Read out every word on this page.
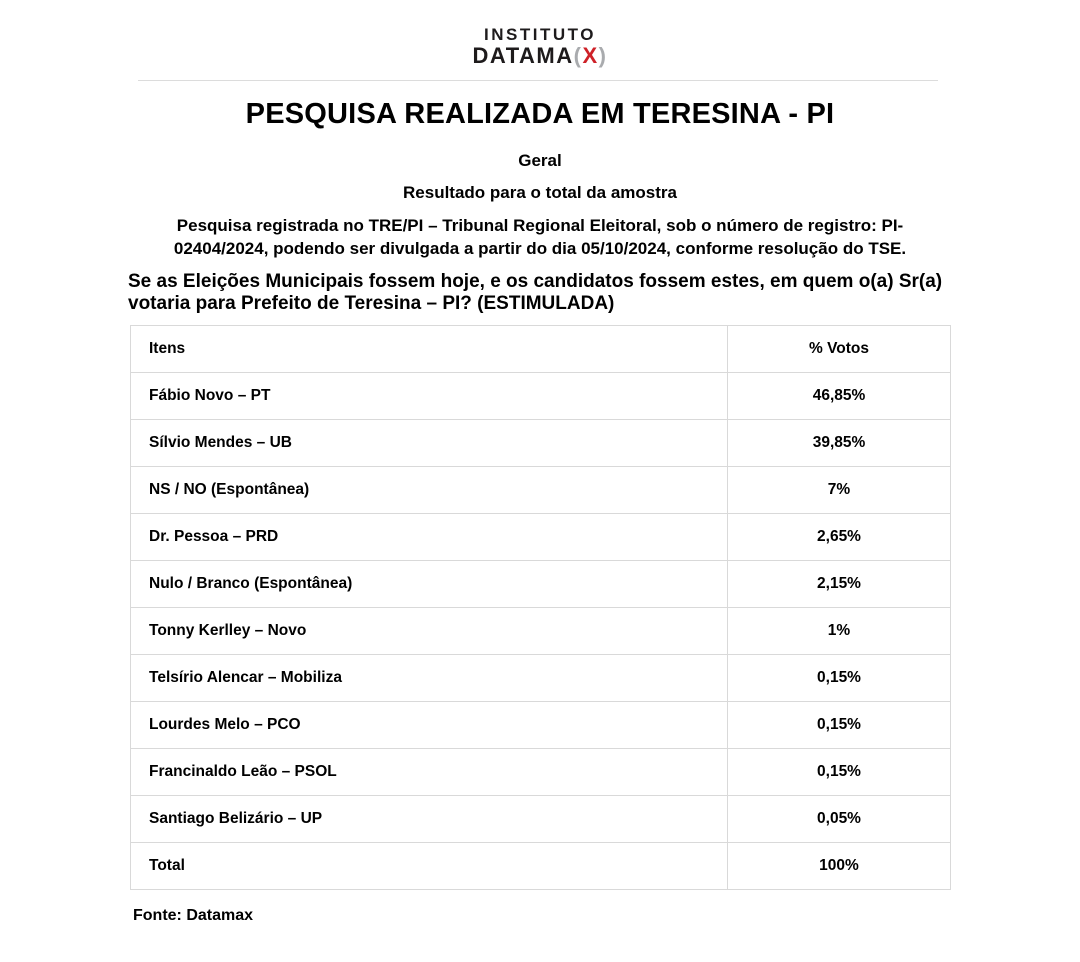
INSTITUTO
DATAMA(X)
PESQUISA REALIZADA EM TERESINA - PI
Geral
Resultado para o total da amostra
Pesquisa registrada no TRE/PI – Tribunal Regional Eleitoral, sob o número de registro: PI-02404/2024, podendo ser divulgada a partir do dia 05/10/2024, conforme resolução do TSE.
Se as Eleições Municipais fossem hoje, e os candidatos fossem estes, em quem o(a) Sr(a) votaria para Prefeito de Teresina – PI? (ESTIMULADA)
Itens	% Votos
Fábio Novo – PT	46,85%
Sílvio Mendes – UB	39,85%
NS / NO (Espontânea)	7%
Dr. Pessoa – PRD	2,65%
Nulo / Branco (Espontânea)	2,15%
Tonny Kerlley – Novo	1%
Telsírio Alencar – Mobiliza	0,15%
Lourdes Melo – PCO	0,15%
Francinaldo Leão – PSOL	0,15%
Santiago Belizário – UP	0,05%
Total	100%
Fonte: Datamax
